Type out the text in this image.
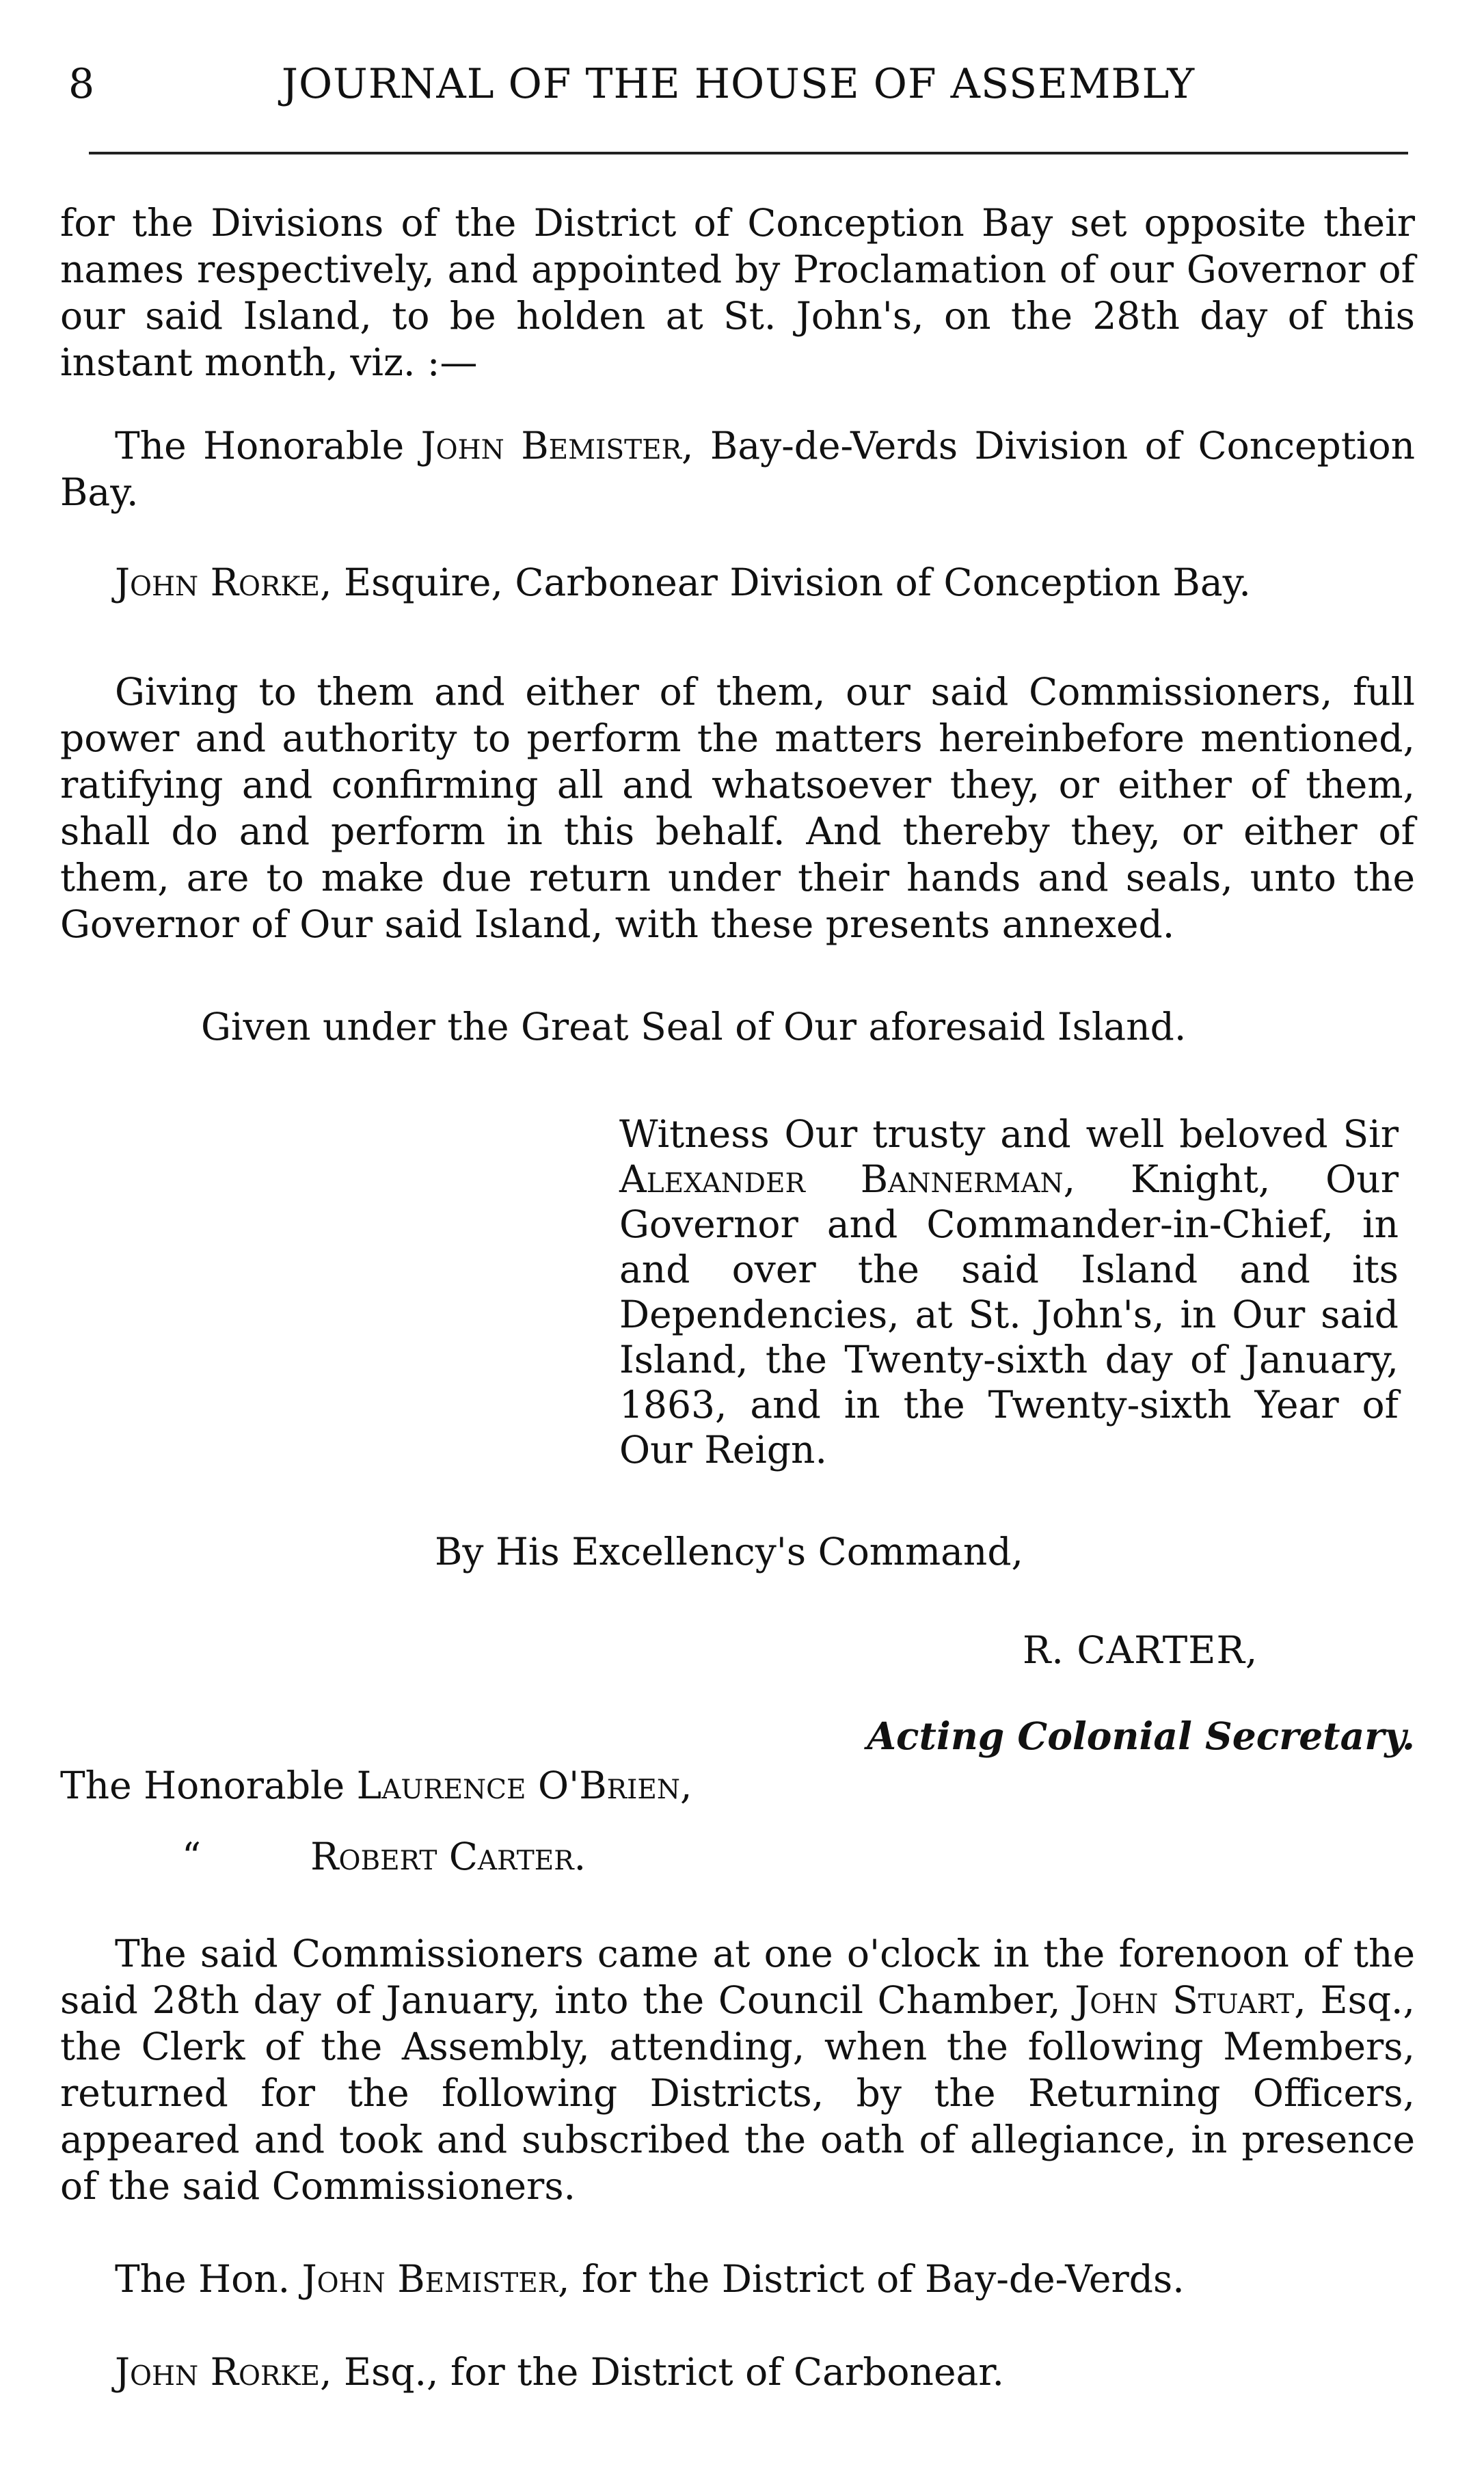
8	JOURNAL OF THE HOUSE OF ASSEMBLY

for the Divisions of the District of Conception Bay set opposite their names respectively, and appointed by Proclamation of our Governor of our said Island, to be holden at St. John's, on the 28th day of this instant month, viz. :—

The Honorable John Bemister, Bay-de-Verds Division of Conception Bay.

John Rorke, Esquire, Carbonear Division of Conception Bay.

Giving to them and either of them, our said Commissioners, full power and authority to perform the matters hereinbefore mentioned, ratifying and confirming all and whatsoever they, or either of them, shall do and perform in this behalf. And thereby they, or either of them, are to make due return under their hands and seals, unto the Governor of Our said Island, with these presents annexed.

Given under the Great Seal of Our aforesaid Island.

Witness Our trusty and well beloved Sir Alexander Bannerman, Knight, Our Governor and Commander-in-Chief, in and over the said Island and its Dependencies, at St. John's, in Our said Island, the Twenty-sixth day of January, 1863, and in the Twenty-sixth Year of Our Reign.

By His Excellency's Command,

R. CARTER,

Acting Colonial Secretary.

The Honorable Laurence O'Brien,

“	Robert Carter.

The said Commissioners came at one o'clock in the forenoon of the said 28th day of January, into the Council Chamber, John Stuart, Esq., the Clerk of the Assembly, attending, when the following Members, returned for the following Districts, by the Returning Officers, appeared and took and subscribed the oath of allegiance, in presence of the said Commissioners.

The Hon. John Bemister, for the District of Bay-de-Verds.

John Rorke, Esq., for the District of Carbonear.
